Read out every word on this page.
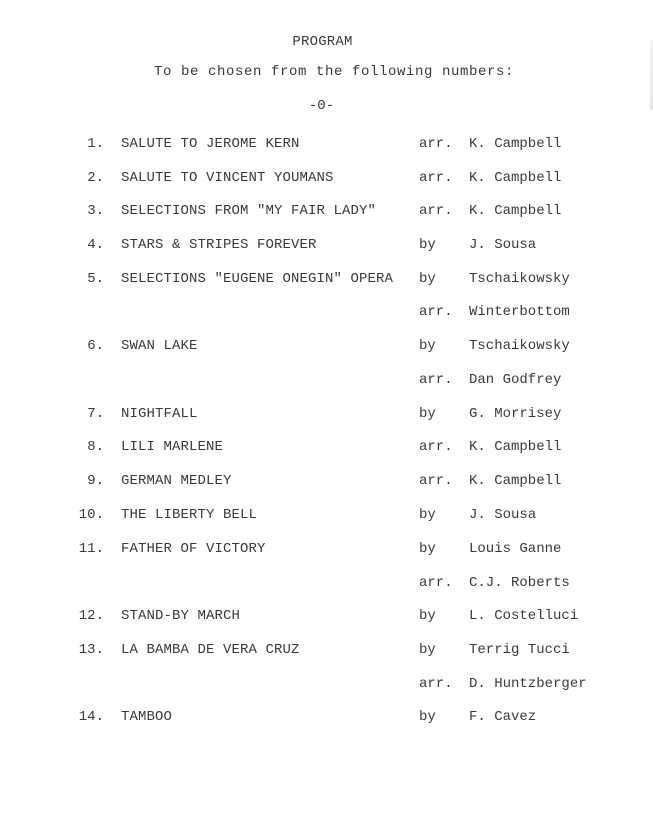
PROGRAM
To be chosen from the following numbers:
-0-
1. SALUTE TO JEROME KERN	arr. K. Campbell
2. SALUTE TO VINCENT YOUMANS	arr. K. Campbell
3. SELECTIONS FROM "MY FAIR LADY"	arr. K. Campbell
4. STARS & STRIPES FOREVER	by J. Sousa
5. SELECTIONS "EUGENE ONEGIN" OPERA by Tschaikowsky
arr. Winterbottom
6. SWAN LAKE	by Tschaikowsky
arr. Dan Godfrey
7. NIGHTFALL	by G. Morrisey
8. LILI MARLENE	arr. K. Campbell
9. GERMAN MEDLEY	arr. K. Campbell
10. THE LIBERTY BELL	by J. Sousa
11. FATHER OF VICTORY	by Louis Ganne
arr. C.J. Roberts
12. STAND-BY MARCH	by L. Costelluci
13. LA BAMBA DE VERA CRUZ	by Terrig Tucci
arr. D. Huntzberger
14. TAMBOO	by F. Cavez
